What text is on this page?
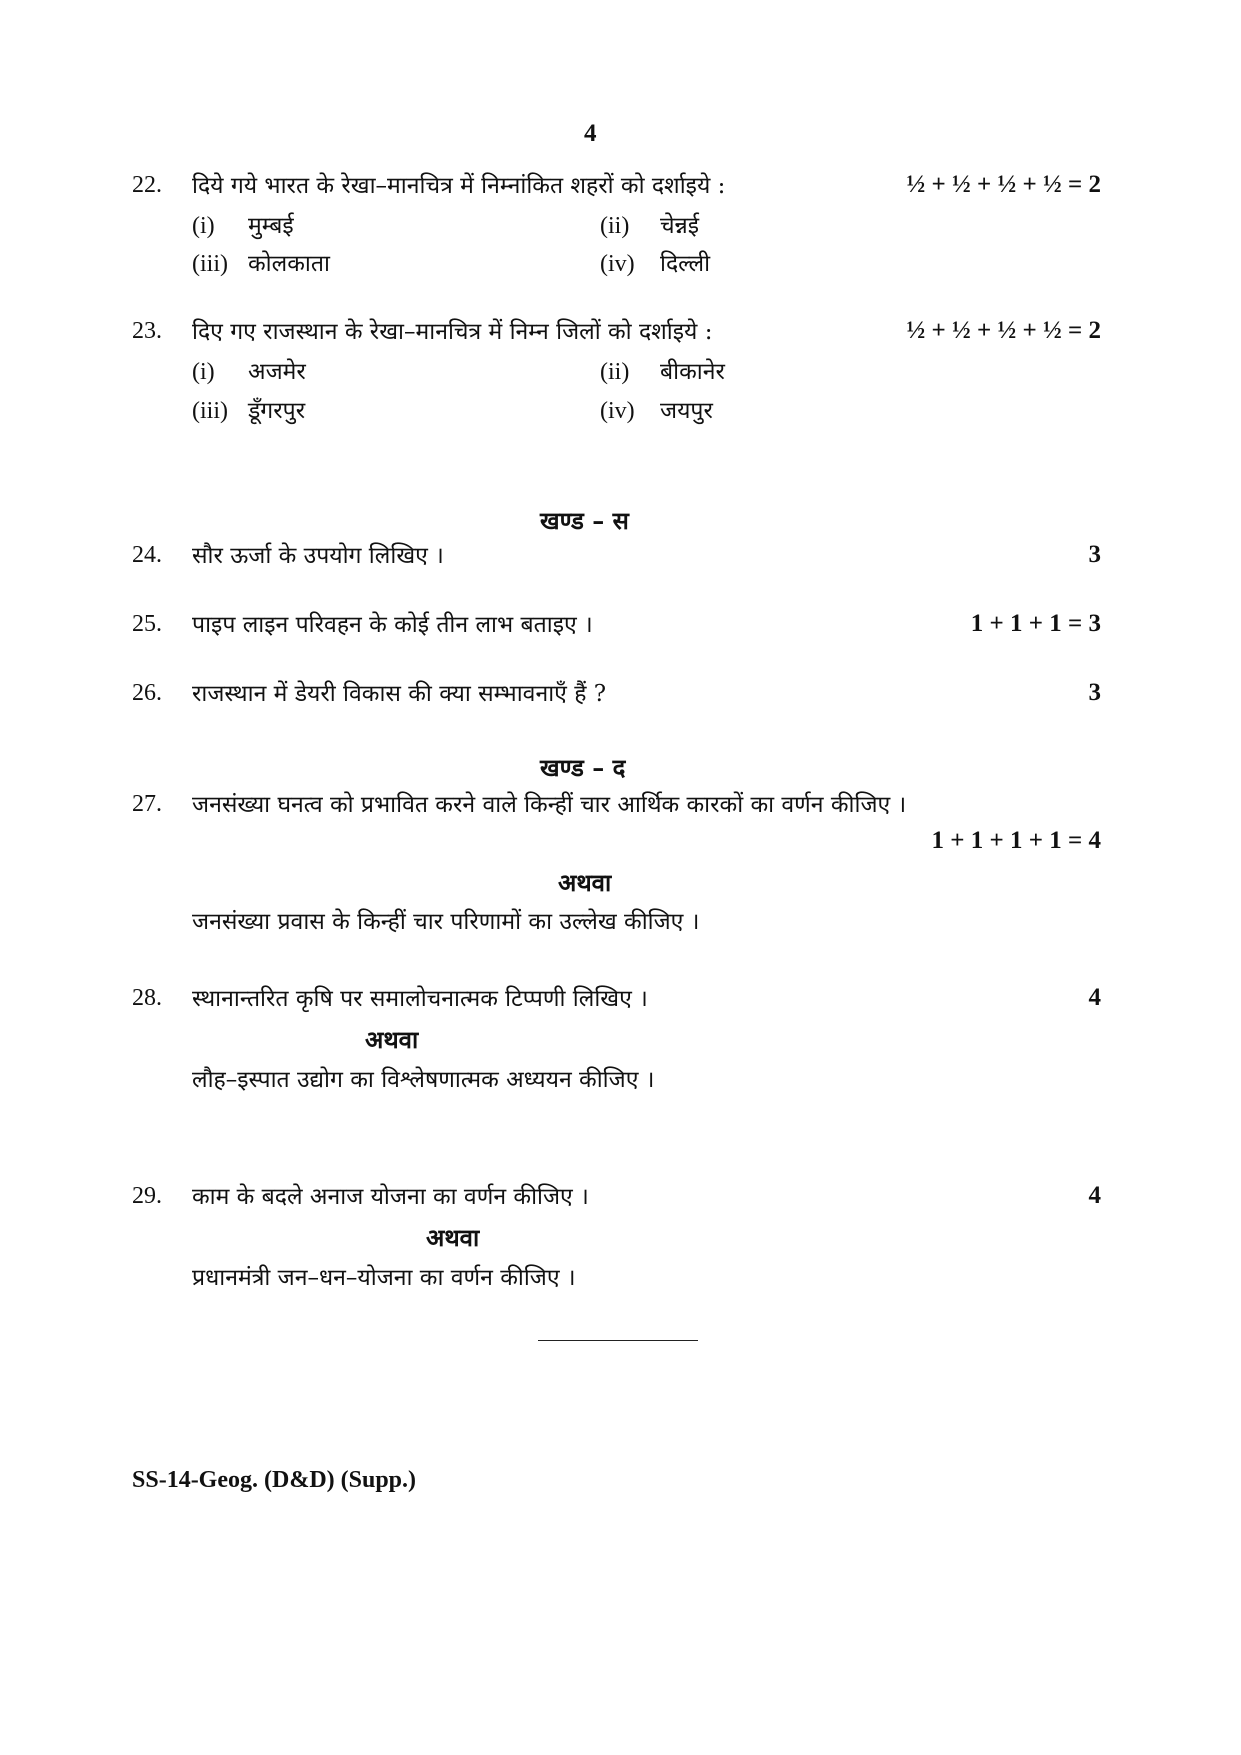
4
22. दिये गये भारत के रेखा–मानचित्र में निम्नांकित शहरों को दर्शाइये :	½ + ½ + ½ + ½ = 2
(i) मुम्बई	(ii) चेन्नई
(iii) कोलकाता	(iv) दिल्ली
23. दिए गए राजस्थान के रेखा–मानचित्र में निम्न जिलों को दर्शाइये :	½ + ½ + ½ + ½ = 2
(i) अजमेर	(ii) बीकानेर
(iii) डूँगरपुर	(iv) जयपुर
खण्ड – स
24. सौर ऊर्जा के उपयोग लिखिए ।	3
25. पाइप लाइन परिवहन के कोई तीन लाभ बताइए ।	1 + 1 + 1 = 3
26. राजस्थान में डेयरी विकास की क्या सम्भावनाएँ हैं ?	3
खण्ड – द
27. जनसंख्या घनत्व को प्रभावित करने वाले किन्हीं चार आर्थिक कारकों का वर्णन कीजिए ।
1 + 1 + 1 + 1 = 4
अथवा
जनसंख्या प्रवास के किन्हीं चार परिणामों का उल्लेख कीजिए ।
28. स्थानान्तरित कृषि पर समालोचनात्मक टिप्पणी लिखिए ।	4
अथवा
लौह–इस्पात उद्योग का विश्लेषणात्मक अध्ययन कीजिए ।
29. काम के बदले अनाज योजना का वर्णन कीजिए ।	4
अथवा
प्रधानमंत्री जन–धन–योजना का वर्णन कीजिए ।
SS-14-Geog. (D&D) (Supp.)
